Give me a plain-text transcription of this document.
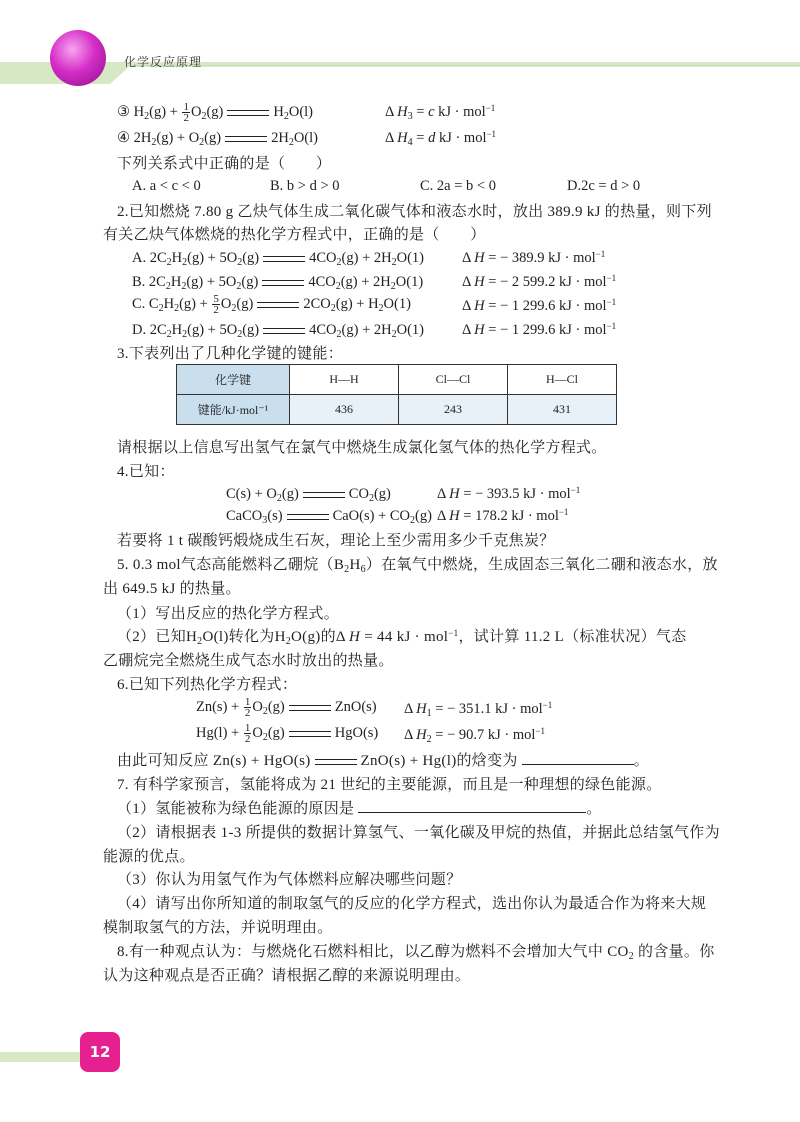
化学反应原理
③ $H_2(g) + \frac{1}{2} O_2(g)$	$H_2O(l)$	Δ $H_3 = c$ kJ · mol$^{-1}$
④ $2H_2(g) + O_2(g)$	$2H_2O(l)$	Δ $H_4 = d$ kJ · mol$^{-1}$
下列关系式中正确的是（　　）
A. a < c < 0	B. b > d > 0	C. 2a = b < 0	D.2c = d > 0
2.已知燃烧 7.80 g 乙炔气体生成二氧化碳气体和液态水时，放出 389.9 kJ 的热量，则下列
有关乙炔气体燃烧的热化学方程式中，正确的是（　　）
A. $2C_2H_2(g) + 5O_2(g)$	$4CO_2(g) + 2H_2O(1)$	Δ H = − 389.9 kJ · mol$^{-1}$
B. $2C_2H_2(g) + 5O_2(g)$	$4CO_2(g) + 2H_2O(1)$	Δ H = − 2 599.2 kJ · mol$^{-1}$
C. $C_2H_2(g) + \frac{5}{2} O_2(g)$	$2CO_2(g) + H_2O(1)$	Δ H = − 1 299.6 kJ · mol$^{-1}$
D. $2C_2H_2(g) + 5O_2(g)$	$4CO_2(g) + 2H_2O(1)$	Δ H = − 1 299.6 kJ · mol$^{-1}$
3.下表列出了几种化学键的键能：
化学键	H—H	Cl—Cl	H—Cl
键能/kJ·mol⁻¹	436	243	431
请根据以上信息写出氢气在氯气中燃烧生成氯化氢气体的热化学方程式。
4.已知：
$C(s) + O_2(g)$	$CO_2(g)$	Δ H = − 393.5 kJ · mol$^{-1}$
CaCO$_3$(s)	$CaO(s) + CO_2(g)$ Δ H = 178.2 kJ · mol$^{-1}$
若要将 1 t 碳酸钙煅烧成生石灰，理论上至少需用多少千克焦炭？
5. 0.3 mol气态高能燃料乙硼烷$(B_2H_6)$在氧气中燃烧，生成固态三氧化二硼和液态水，放
出 649.5 kJ 的热量。
（1）写出反应的热化学方程式。
（2）已知$H_2O(l)$转化为$H_2O(g)$的Δ H = 44 kJ · mol$^{-1}$，试计算 11.2 L（标准状况）气态
乙硼烷完全燃烧生成气态水时放出的热量。
6.已知下列热化学方程式：
$Zn(s) + \frac{1}{2} O_2(g)$	ZnO(s) Δ $H_1$ = − 351.1 kJ · mol$^{-1}$
$Hg(l) + \frac{1}{2} O_2(g)$	HgO(s) Δ $H_2$ = − 90.7 kJ · mol$^{-1}$
由此可知反应 Zn(s) + HgO(s)	ZnO(s) + Hg(l)的焓变为	。
7. 有科学家预言，氢能将成为 21 世纪的主要能源，而且是一种理想的绿色能源。
（1）氢能被称为绿色能源的原因是	。
（2）请根据表 1-3 所提供的数据计算氢气、一氧化碳及甲烷的热值，并据此总结氢气作为
能源的优点。
（3）你认为用氢气作为气体燃料应解决哪些问题？
（4）请写出你所知道的制取氢气的反应的化学方程式，选出你认为最适合作为将来大规
模制取氢气的方法，并说明理由。
8.有一种观点认为：与燃烧化石燃料相比，以乙醇为燃料不会增加大气中 $CO_2$ 的含量。你
认为这种观点是否正确？请根据乙醇的来源说明理由。
12
